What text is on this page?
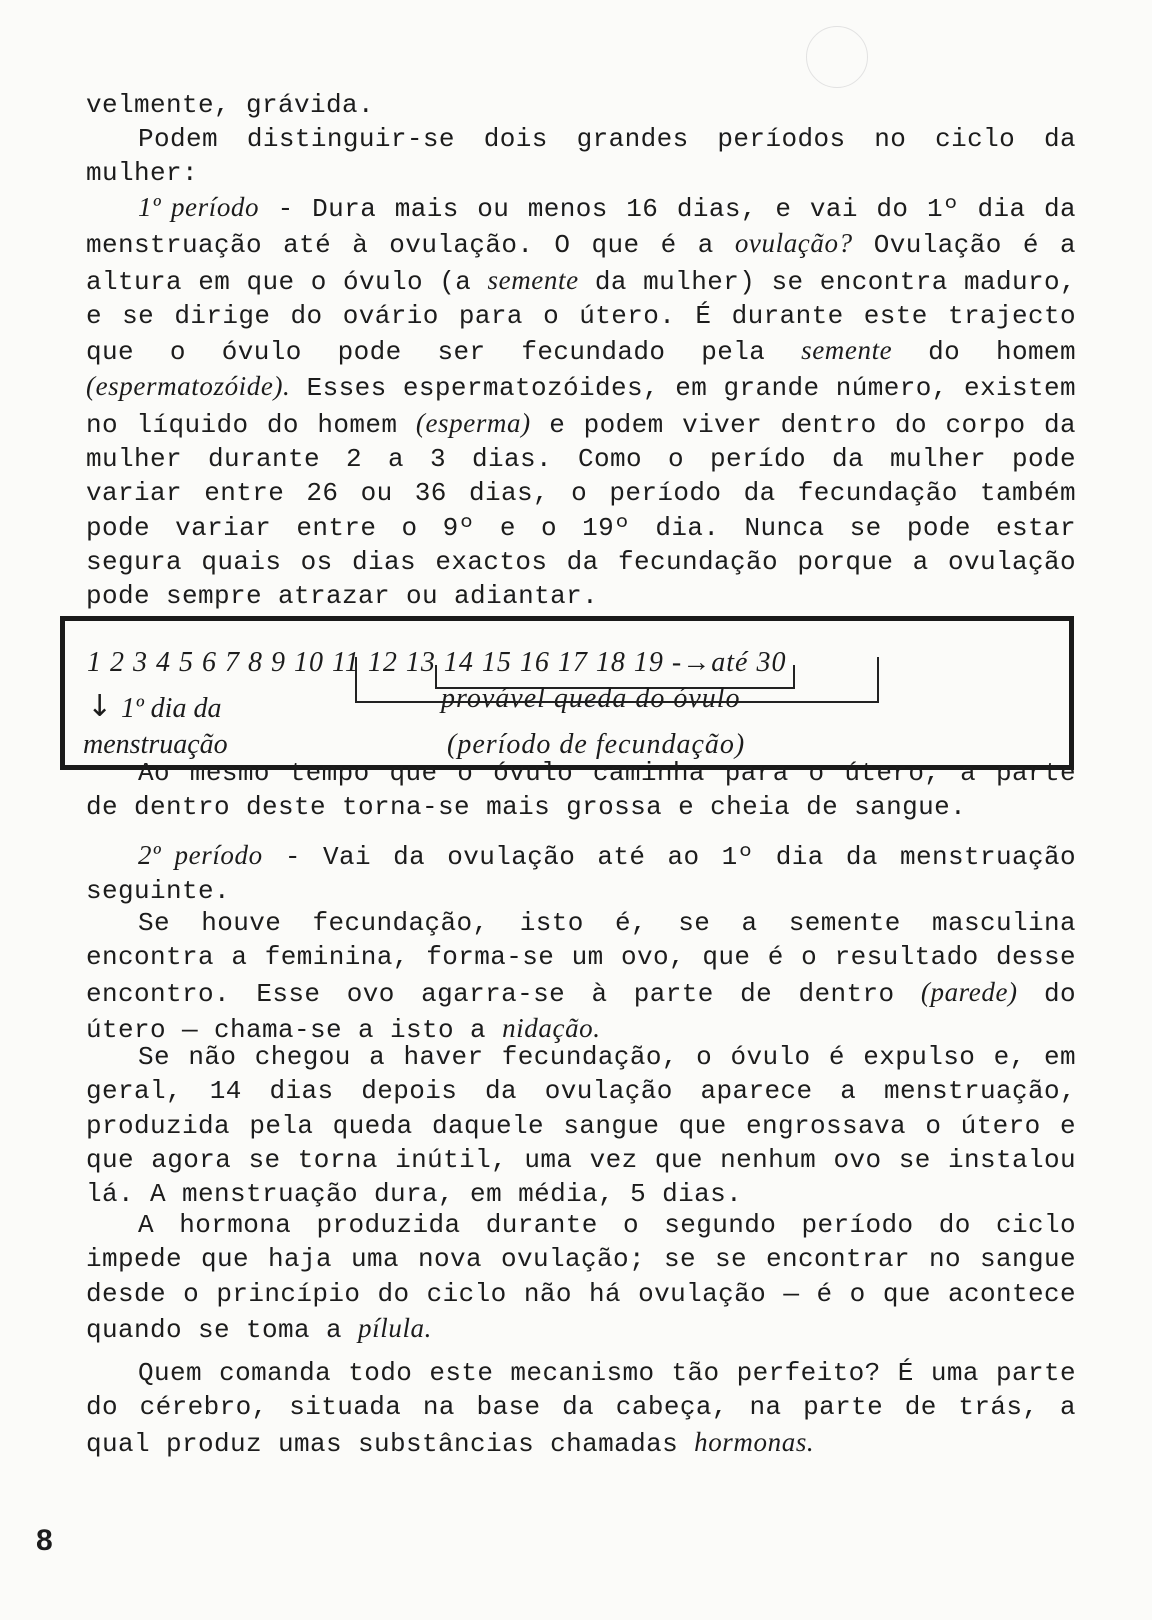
velmente, grávida.

Podem distinguir-se dois grandes períodos no ciclo da mulher:

1º período - Dura mais ou menos 16 dias, e vai do 1º dia da menstruação até à ovulação. O que é a ovulação? Ovulação é a altura em que o óvulo (a semente da mulher) se encontra maduro, e se dirige do ovário para o útero. É durante este trajecto que o óvulo pode ser fecundado pela semente do homem (espermatozóide). Esses espermatozóides, em grande número, existem no líquido do homem (esperma) e podem viver dentro do corpo da mulher durante 2 a 3 dias. Como o perído da mulher pode variar entre 26 ou 36 dias, o período da fecundação também pode variar entre o 9º e o 19º dia. Nunca se pode estar segura quais os dias exactos da fecundação porque a ovulação pode sempre atrazar ou adiantar.

1 2 3 4 5 6 7 8 9 10 11 12 13 14 15 16 17 18 19 -→até 30
↓ 1º dia da
menstruação
provável queda do óvulo
(período de fecundação)

Ao mesmo tempo que o óvulo caminha para o útero, a parte de dentro deste torna-se mais grossa e cheia de sangue.

2º período - Vai da ovulação até ao 1º dia da menstruação seguinte.

Se houve fecundação, isto é, se a semente masculina encontra a feminina, forma-se um ovo, que é o resultado desse encontro. Esse ovo agarra-se à parte de dentro (parede) do útero — chama-se a isto a nidação.

Se não chegou a haver fecundação, o óvulo é expulso e, em geral, 14 dias depois da ovulação aparece a menstruação, produzida pela queda daquele sangue que engrossava o útero e que agora se torna inútil, uma vez que nenhum ovo se instalou lá. A menstruação dura, em média, 5 dias.

A hormona produzida durante o segundo período do ciclo impede que haja uma nova ovulação; se se encontrar no sangue desde o princípio do ciclo não há ovulação — é o que acontece quando se toma a pílula.

Quem comanda todo este mecanismo tão perfeito? É uma parte do cérebro, situada na base da cabeça, na parte de trás, a qual produz umas substâncias chamadas hormonas.

8
